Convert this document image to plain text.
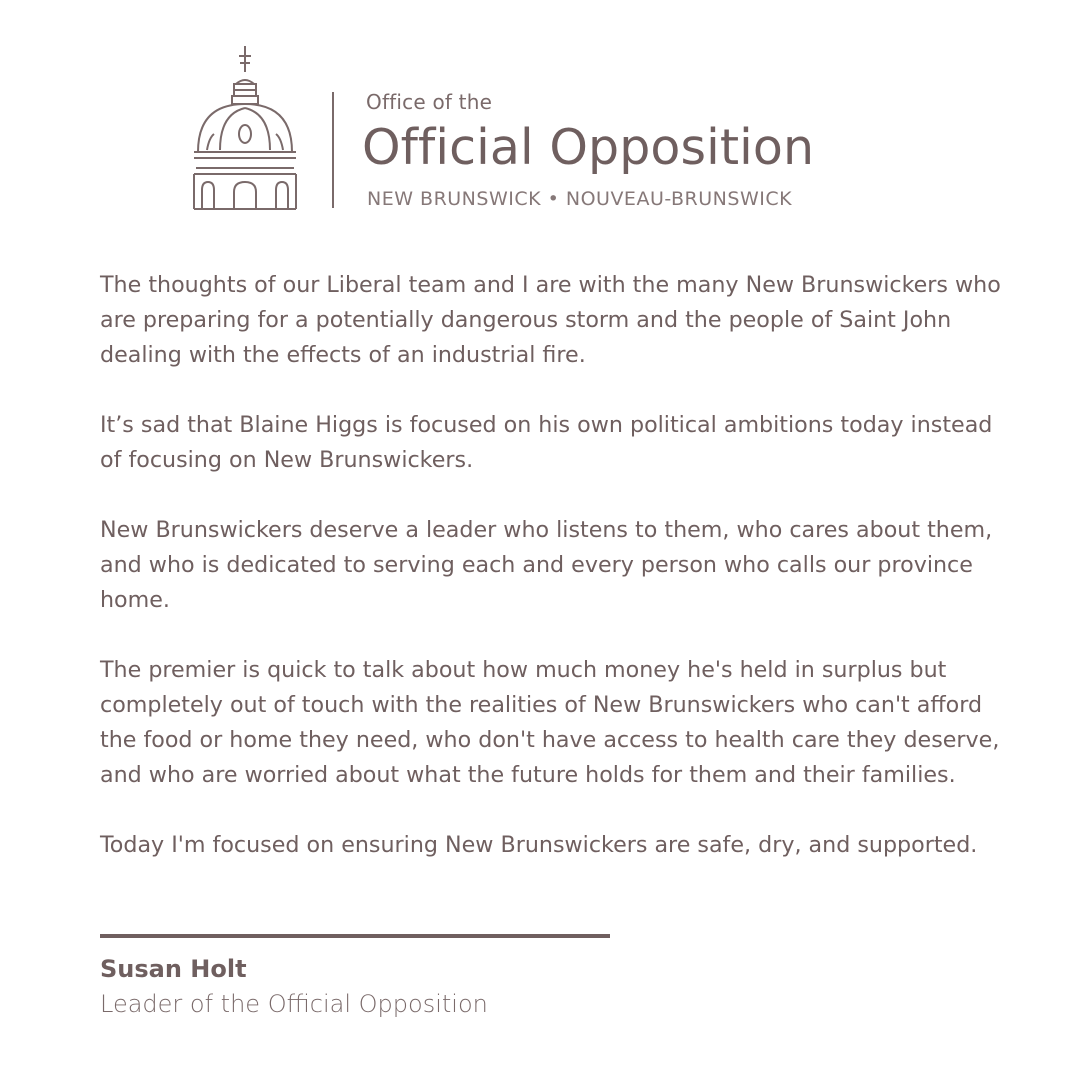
Office of the
Official Opposition
NEW BRUNSWICK • NOUVEAU-BRUNSWICK

The thoughts of our Liberal team and I are with the many New Brunswickers who are preparing for a potentially dangerous storm and the people of Saint John dealing with the effects of an industrial fire.

It’s sad that Blaine Higgs is focused on his own political ambitions today instead of focusing on New Brunswickers.

New Brunswickers deserve a leader who listens to them, who cares about them, and who is dedicated to serving each and every person who calls our province home.

The premier is quick to talk about how much money he's held in surplus but completely out of touch with the realities of New Brunswickers who can't afford the food or home they need, who don't have access to health care they deserve, and who are worried about what the future holds for them and their families.

Today I'm focused on ensuring New Brunswickers are safe, dry, and supported.

Susan Holt
Leader of the Official Opposition
